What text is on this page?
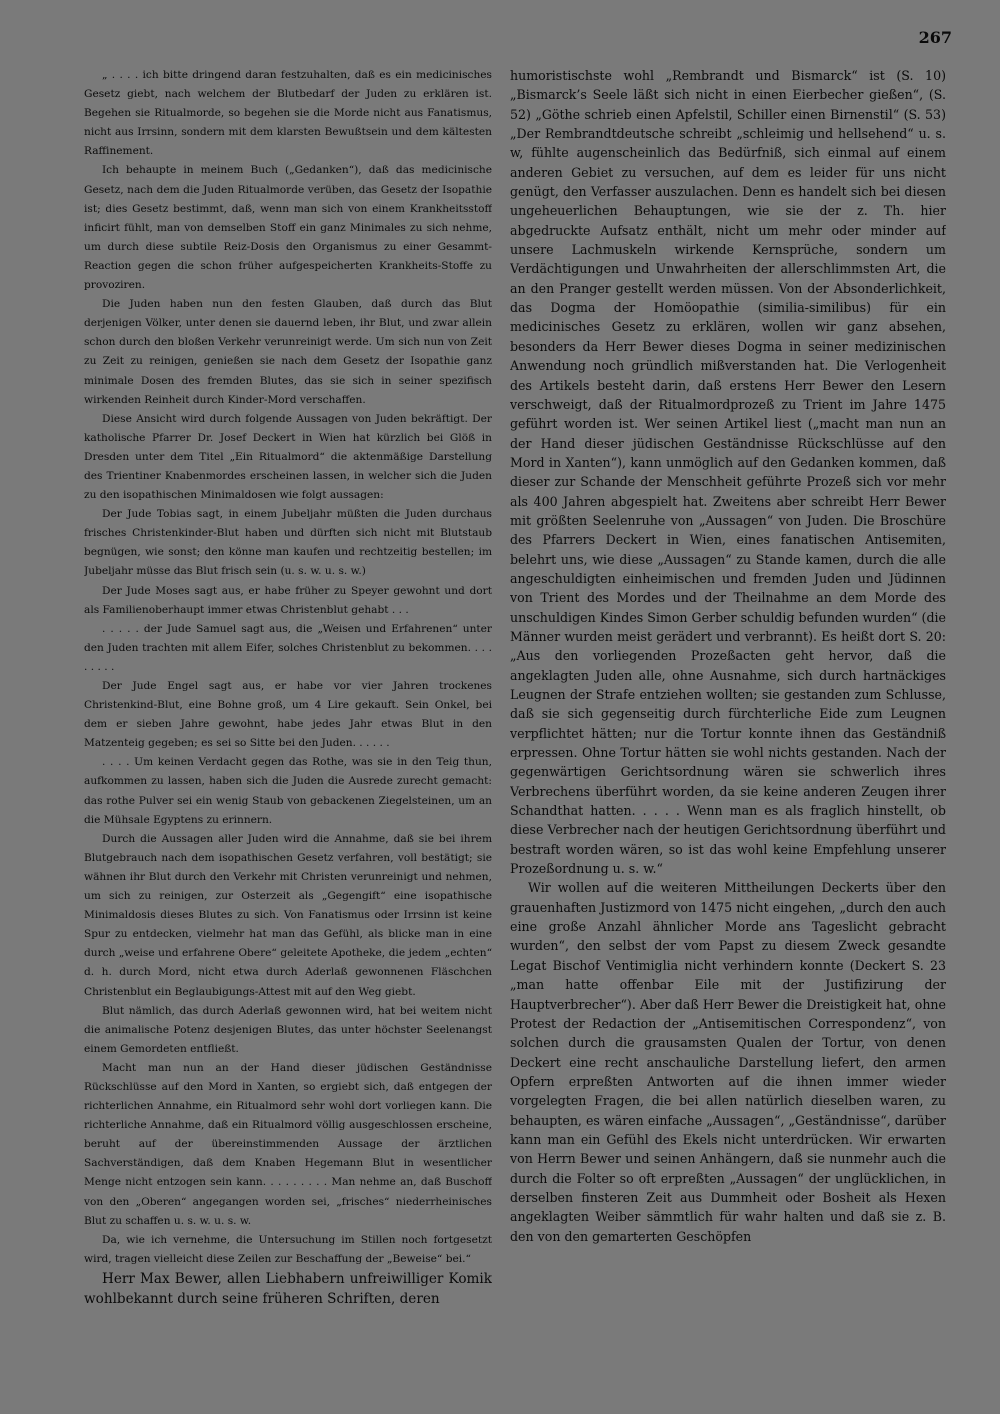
267

„ . . . . ich bitte dringend daran festzuhalten, daß es ein medicinisches Gesetz giebt, nach welchem der Blutbedarf der Juden zu erklären ist. Begehen sie Ritualmorde, so begehen sie die Morde nicht aus Fanatismus, nicht aus Irrsinn, sondern mit dem klarsten Bewußtsein und dem kältesten Raffinement.

Ich behaupte in meinem Buch („Gedanken“), daß das medicinische Gesetz, nach dem die Juden Ritualmorde verüben, das Gesetz der Isopathie ist; dies Gesetz bestimmt, daß, wenn man sich von einem Krankheitsstoff inficirt fühlt, man von demselben Stoff ein ganz Minimales zu sich nehme, um durch diese subtile Reiz-Dosis den Organismus zu einer Gesammt-Reaction gegen die schon früher aufgespeicherten Krankheits-Stoffe zu provoziren.

Die Juden haben nun den festen Glauben, daß durch das Blut derjenigen Völker, unter denen sie dauernd leben, ihr Blut, und zwar allein schon durch den bloßen Verkehr verunreinigt werde. Um sich nun von Zeit zu Zeit zu reinigen, genießen sie nach dem Gesetz der Isopathie ganz minimale Dosen des fremden Blutes, das sie sich in seiner spezifisch wirkenden Reinheit durch Kinder-Mord verschaffen.

Diese Ansicht wird durch folgende Aussagen von Juden bekräftigt. Der katholische Pfarrer Dr. Josef Deckert in Wien hat kürzlich bei Glöß in Dresden unter dem Titel „Ein Ritualmord“ die aktenmäßige Darstellung des Trientiner Knabenmordes erscheinen lassen, in welcher sich die Juden zu den isopathischen Minimaldosen wie folgt aussagen:

Der Jude Tobias sagt, in einem Jubeljahr müßten die Juden durchaus frisches Christenkinder-Blut haben und dürften sich nicht mit Blutstaub begnügen, wie sonst; den könne man kaufen und rechtzeitig bestellen; im Jubeljahr müsse das Blut frisch sein (u. s. w. u. s. w.)

Der Jude Moses sagt aus, er habe früher zu Speyer gewohnt und dort als Familienoberhaupt immer etwas Christenblut gehabt . . .

. . . . . der Jude Samuel sagt aus, die „Weisen und Erfahrenen“ unter den Juden trachten mit allem Eifer, solches Christenblut zu bekommen. . . . . . . . .

Der Jude Engel sagt aus, er habe vor vier Jahren trockenes Christenkind-Blut, eine Bohne groß, um 4 Lire gekauft. Sein Onkel, bei dem er sieben Jahre gewohnt, habe jedes Jahr etwas Blut in den Matzenteig gegeben; es sei so Sitte bei den Juden. . . . . .

. . . . Um keinen Verdacht gegen das Rothe, was sie in den Teig thun, aufkommen zu lassen, haben sich die Juden die Ausrede zurecht gemacht: das rothe Pulver sei ein wenig Staub von gebackenen Ziegelsteinen, um an die Mühsale Egyptens zu erinnern.

Durch die Aussagen aller Juden wird die Annahme, daß sie bei ihrem Blutgebrauch nach dem isopathischen Gesetz verfahren, voll bestätigt; sie wähnen ihr Blut durch den Verkehr mit Christen verunreinigt und nehmen, um sich zu reinigen, zur Osterzeit als „Gegengift“ eine isopathische Minimaldosis dieses Blutes zu sich. Von Fanatismus oder Irrsinn ist keine Spur zu entdecken, vielmehr hat man das Gefühl, als blicke man in eine durch „weise und erfahrene Obere“ geleitete Apotheke, die jedem „echten“ d. h. durch Mord, nicht etwa durch Aderlaß gewonnenen Fläschchen Christenblut ein Beglaubigungs-Attest mit auf den Weg giebt.

Blut nämlich, das durch Aderlaß gewonnen wird, hat bei weitem nicht die animalische Potenz desjenigen Blutes, das unter höchster Seelenangst einem Gemordeten entfließt.

Macht man nun an der Hand dieser jüdischen Geständnisse Rückschlüsse auf den Mord in Xanten, so ergiebt sich, daß entgegen der richterlichen Annahme, ein Ritualmord sehr wohl dort vorliegen kann. Die richterliche Annahme, daß ein Ritualmord völlig ausgeschlossen erscheine, beruht auf der übereinstimmenden Aussage der ärztlichen Sachverständigen, daß dem Knaben Hegemann Blut in wesentlicher Menge nicht entzogen sein kann. . . . . . . . . Man nehme an, daß Buschoff von den „Oberen“ angegangen worden sei, „frisches“ niederrheinisches Blut zu schaffen u. s. w. u. s. w.

Da, wie ich vernehme, die Untersuchung im Stillen noch fortgesetzt wird, tragen vielleicht diese Zeilen zur Beschaffung der „Beweise“ bei.“

Herr Max Bewer, allen Liebhabern unfreiwilliger Komik wohlbekannt durch seine früheren Schriften, deren

humoristischste wohl „Rembrandt und Bismarck“ ist (S. 10) „Bismarck’s Seele läßt sich nicht in einen Eierbecher gießen“, (S. 52) „Göthe schrieb einen Apfelstil, Schiller einen Birnenstil“ (S. 53) „Der Rembrandtdeutsche schreibt „schleimig und hellsehend“ u. s. w, fühlte augenscheinlich das Bedürfniß, sich einmal auf einem anderen Gebiet zu versuchen, auf dem es leider für uns nicht genügt, den Verfasser auszulachen. Denn es handelt sich bei diesen ungeheuerlichen Behauptungen, wie sie der z. Th. hier abgedruckte Aufsatz enthält, nicht um mehr oder minder auf unsere Lachmuskeln wirkende Kernsprüche, sondern um Verdächtigungen und Unwahrheiten der allerschlimmsten Art, die an den Pranger gestellt werden müssen. Von der Absonderlichkeit, das Dogma der Homöopathie (similia-similibus) für ein medicinisches Gesetz zu erklären, wollen wir ganz absehen, besonders da Herr Bewer dieses Dogma in seiner medizinischen Anwendung noch gründlich mißverstanden hat. Die Verlogenheit des Artikels besteht darin, daß erstens Herr Bewer den Lesern verschweigt, daß der Ritualmordprozeß zu Trient im Jahre 1475 geführt worden ist. Wer seinen Artikel liest („macht man nun an der Hand dieser jüdischen Geständnisse Rückschlüsse auf den Mord in Xanten“), kann unmöglich auf den Gedanken kommen, daß dieser zur Schande der Menschheit geführte Prozeß sich vor mehr als 400 Jahren abgespielt hat. Zweitens aber schreibt Herr Bewer mit größten Seelenruhe von „Aussagen“ von Juden. Die Broschüre des Pfarrers Deckert in Wien, eines fanatischen Antisemiten, belehrt uns, wie diese „Aussagen“ zu Stande kamen, durch die alle angeschuldigten einheimischen und fremden Juden und Jüdinnen von Trient des Mordes und der Theilnahme an dem Morde des unschuldigen Kindes Simon Gerber schuldig befunden wurden“ (die Männer wurden meist gerädert und verbrannt). Es heißt dort S. 20: „Aus den vorliegenden Prozeßacten geht hervor, daß die angeklagten Juden alle, ohne Ausnahme, sich durch hartnäckiges Leugnen der Strafe entziehen wollten; sie gestanden zum Schlusse, daß sie sich gegenseitig durch fürchterliche Eide zum Leugnen verpflichtet hätten; nur die Tortur konnte ihnen das Geständniß erpressen. Ohne Tortur hätten sie wohl nichts gestanden. Nach der gegenwärtigen Gerichtsordnung wären sie schwerlich ihres Verbrechens überführt worden, da sie keine anderen Zeugen ihrer Schandthat hatten. . . . . Wenn man es als fraglich hinstellt, ob diese Verbrecher nach der heutigen Gerichtsordnung überführt und bestraft worden wären, so ist das wohl keine Empfehlung unserer Prozeßordnung u. s. w.“

Wir wollen auf die weiteren Mittheilungen Deckerts über den grauenhaften Justizmord von 1475 nicht eingehen, „durch den auch eine große Anzahl ähnlicher Morde ans Tageslicht gebracht wurden“, den selbst der vom Papst zu diesem Zweck gesandte Legat Bischof Ventimiglia nicht verhindern konnte (Deckert S. 23 „man hatte offenbar Eile mit der Justifizirung der Hauptverbrecher“). Aber daß Herr Bewer die Dreistigkeit hat, ohne Protest der Redaction der „Antisemitischen Correspondenz“, von solchen durch die grausamsten Qualen der Tortur, von denen Deckert eine recht anschauliche Darstellung liefert, den armen Opfern erpreßten Antworten auf die ihnen immer wieder vorgelegten Fragen, die bei allen natürlich dieselben waren, zu behaupten, es wären einfache „Aussagen“, „Geständnisse“, darüber kann man ein Gefühl des Ekels nicht unterdrücken. Wir erwarten von Herrn Bewer und seinen Anhängern, daß sie nunmehr auch die durch die Folter so oft erpreßten „Aussagen“ der unglücklichen, in derselben finsteren Zeit aus Dummheit oder Bosheit als Hexen angeklagten Weiber sämmtlich für wahr halten und daß sie z. B. den von den gemarterten Geschöpfen
